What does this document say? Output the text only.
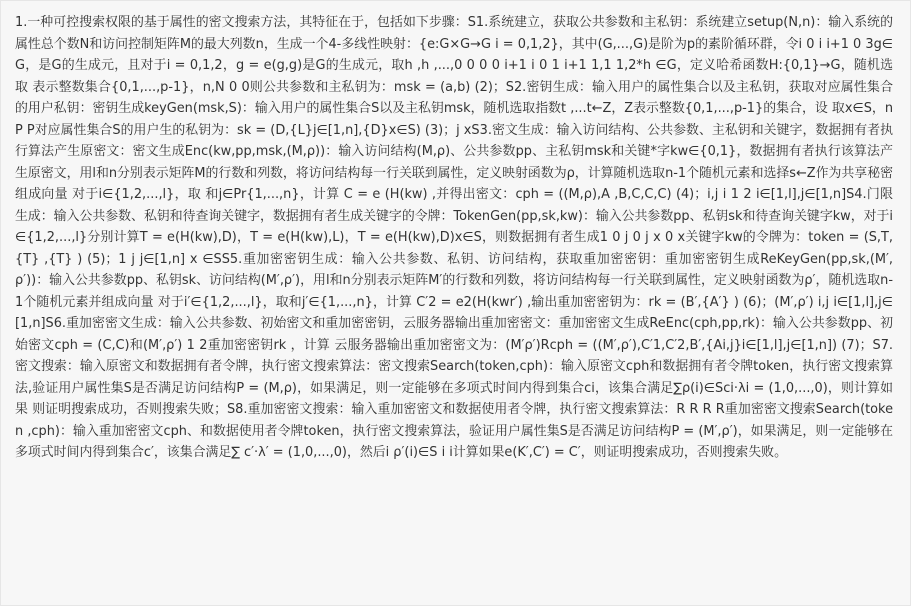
1.一种可控搜索权限的基于属性的密文搜索方法，其特征在于，包括如下步骤：S1.系统建立，获取公共参数和主私钥：系统建立setup(N,n)：输入系统的属性总个数N和访问控制矩阵M的最大列数n，生成一个4-多线性映射：{e:G×G→G i = 0,1,2}，其中(G,...,G)是阶为p的素阶循环群，令i 0 i i+1 0 3g∈G，是G的生成元，且对于i = 0,1,2，g = e(g,g)是G的生成元，取h ,h ,...,0 0 0 0 i+1 i 0 1 i+1 1,1 1,2*h ∈G，定义哈希函数H:{0,1}→G，随机选取 表示整数集合{0,1,...,p-1}，n,N 0 0则公共参数和主私钥为：msk = (a,b) (2)；S2.密钥生成：输入用户的属性集合以及主私钥，获取对应属性集合的用户私钥：密钥生成keyGen(msk,S)：输入用户的属性集合S以及主私钥msk，随机选取指数t ,...t←Z，Z表示整数{0,1,...,p-1}的集合，设 取x∈S，n P P对应属性集合S的用户生的私钥为：sk = (D,{L}j∈[1,n],{D}x∈S) (3)；j xS3.密文生成：输入访问结构、公共参数、主私钥和关键字，数据拥有者执行算法产生原密文：密文生成Enc(kw,pp,msk,(M,ρ))：输入访问结构(M,ρ)、公共参数pp、主私钥msk和关键*字kw∈{0,1}，数据拥有者执行该算法产生原密文，用l和n分别表示矩阵M的行数和列数，将访问结构每一行关联到属性，定义映射函数为ρ，计算随机选取n-1个随机元素和选择s←Z作为共享秘密组成向量 对于i∈{1,2,...,l}，取 和j∈Pr{1,...,n}，计算 C = e (H(kw) ,并得出密文：cph = ((M,ρ),A ,B,C,C,C) (4)；i,j i 1 2 i∈[1,l],j∈[1,n]S4.门限生成：输入公共参数、私钥和待查询关键字，数据拥有者生成关键字的令牌：TokenGen(pp,sk,kw)：输入公共参数pp、私钥sk和待查询关键字kw，对于i∈{1,2,...,l}分别计算T = e(H(kw),D)，T = e(H(kw),L)，T = e(H(kw),D)x∈S，则数据拥有者生成1 0 j 0 j x 0 x关键字kw的令牌为：token = (S,T,{T} ,{T} ) (5)；1 j j∈[1,n] x ∈SS5.重加密密钥生成：输入公共参数、私钥、访问结构，获取重加密密钥：重加密密钥生成ReKeyGen(pp,sk,(M′,ρ′))：输入公共参数pp、私钥sk、访问结构(M′,ρ′)，用l和n分别表示矩阵M′的行数和列数，将访问结构每一行关联到属性，定义映射函数为ρ′，随机选取n-1个随机元素并组成向量 对于i′∈{1,2,...,l}，取和j′∈{1,...,n}，计算 C′2 = e2(H(kwr′) ,输出重加密密钥为：rk = (B′,{A′} ) (6)；(M′,ρ′) i,j i∈[1,l],j∈[1,n]S6.重加密密文生成：输入公共参数、初始密文和重加密密钥，云服务器输出重加密密文：重加密密文生成ReEnc(cph,pp,rk)：输入公共参数pp、初始密文cph = (C,C)和(M′,ρ′) 1 2重加密密钥rk ，计算 云服务器输出重加密密文为：(M′ρ′)Rcph = ((M′,ρ′),C′1,C′2,B′,{Ai,j}i∈[1,l],j∈[1,n]) (7)；S7.密文搜索：输入原密文和数据拥有者令牌，执行密文搜索算法：密文搜索Search(token,cph)：输入原密文cph和数据拥有者令牌token，执行密文搜索算法,验证用户属性集S是否满足访问结构P = (M,ρ)，如果满足，则一定能够在多项式时间内得到集合ci，该集合满足∑ρ(i)∈Sci·λi = (1,0,...,0)，则计算如果 则证明搜索成功，否则搜索失败；S8.重加密密文搜索：输入重加密密文和数据使用者令牌，执行密文搜索算法：R R R R重加密密文搜索Search(token ,cph)：输入重加密密文cph、和数据使用者令牌token，执行密文搜索算法，验证用户属性集S是否满足访问结构P = (M′,ρ′)，如果满足，则一定能够在多项式时间内得到集合c′，该集合满足∑ c′·λ′ = (1,0,...,0)，然后i ρ′(i)∈S i i计算如果e(K′,C′) = C′，则证明搜索成功，否则搜索失败。
